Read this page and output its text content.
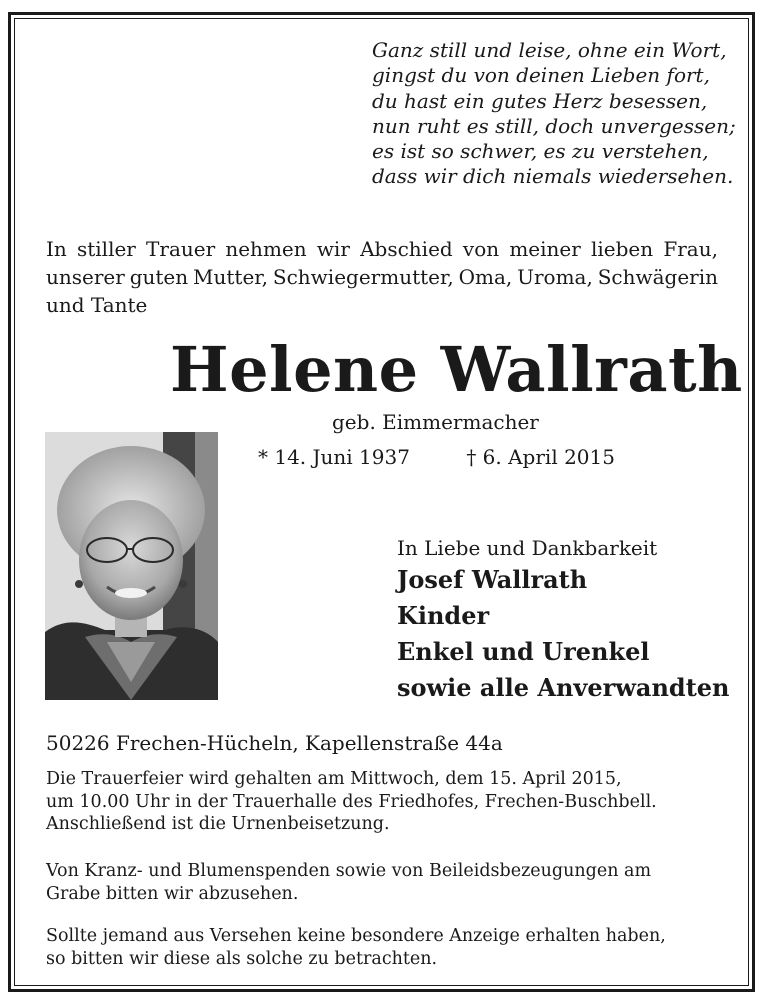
Ganz still und leise, ohne ein Wort,
gingst du von deinen Lieben fort,
du hast ein gutes Herz besessen,
nun ruht es still, doch unvergessen;
es ist so schwer, es zu verstehen,
dass wir dich niemals wiedersehen.
In stiller Trauer nehmen wir Abschied von meiner lieben Frau,
unserer guten Mutter, Schwiegermutter, Oma, Uroma, Schwägerin
und Tante
Helene Wallrath
geb. Eimmermacher
* 14. Juni 1937	† 6. April 2015
In Liebe und Dankbarkeit
Josef Wallrath
Kinder
Enkel und Urenkel
sowie alle Anverwandten
50226 Frechen-Hücheln, Kapellenstraße 44a
Die Trauerfeier wird gehalten am Mittwoch, dem 15. April 2015,
um 10.00 Uhr in der Trauerhalle des Friedhofes, Frechen-Buschbell.
Anschließend ist die Urnenbeisetzung.
Von Kranz- und Blumenspenden sowie von Beileidsbezeugungen am
Grabe bitten wir abzusehen.
Sollte jemand aus Versehen keine besondere Anzeige erhalten haben,
so bitten wir diese als solche zu betrachten.
